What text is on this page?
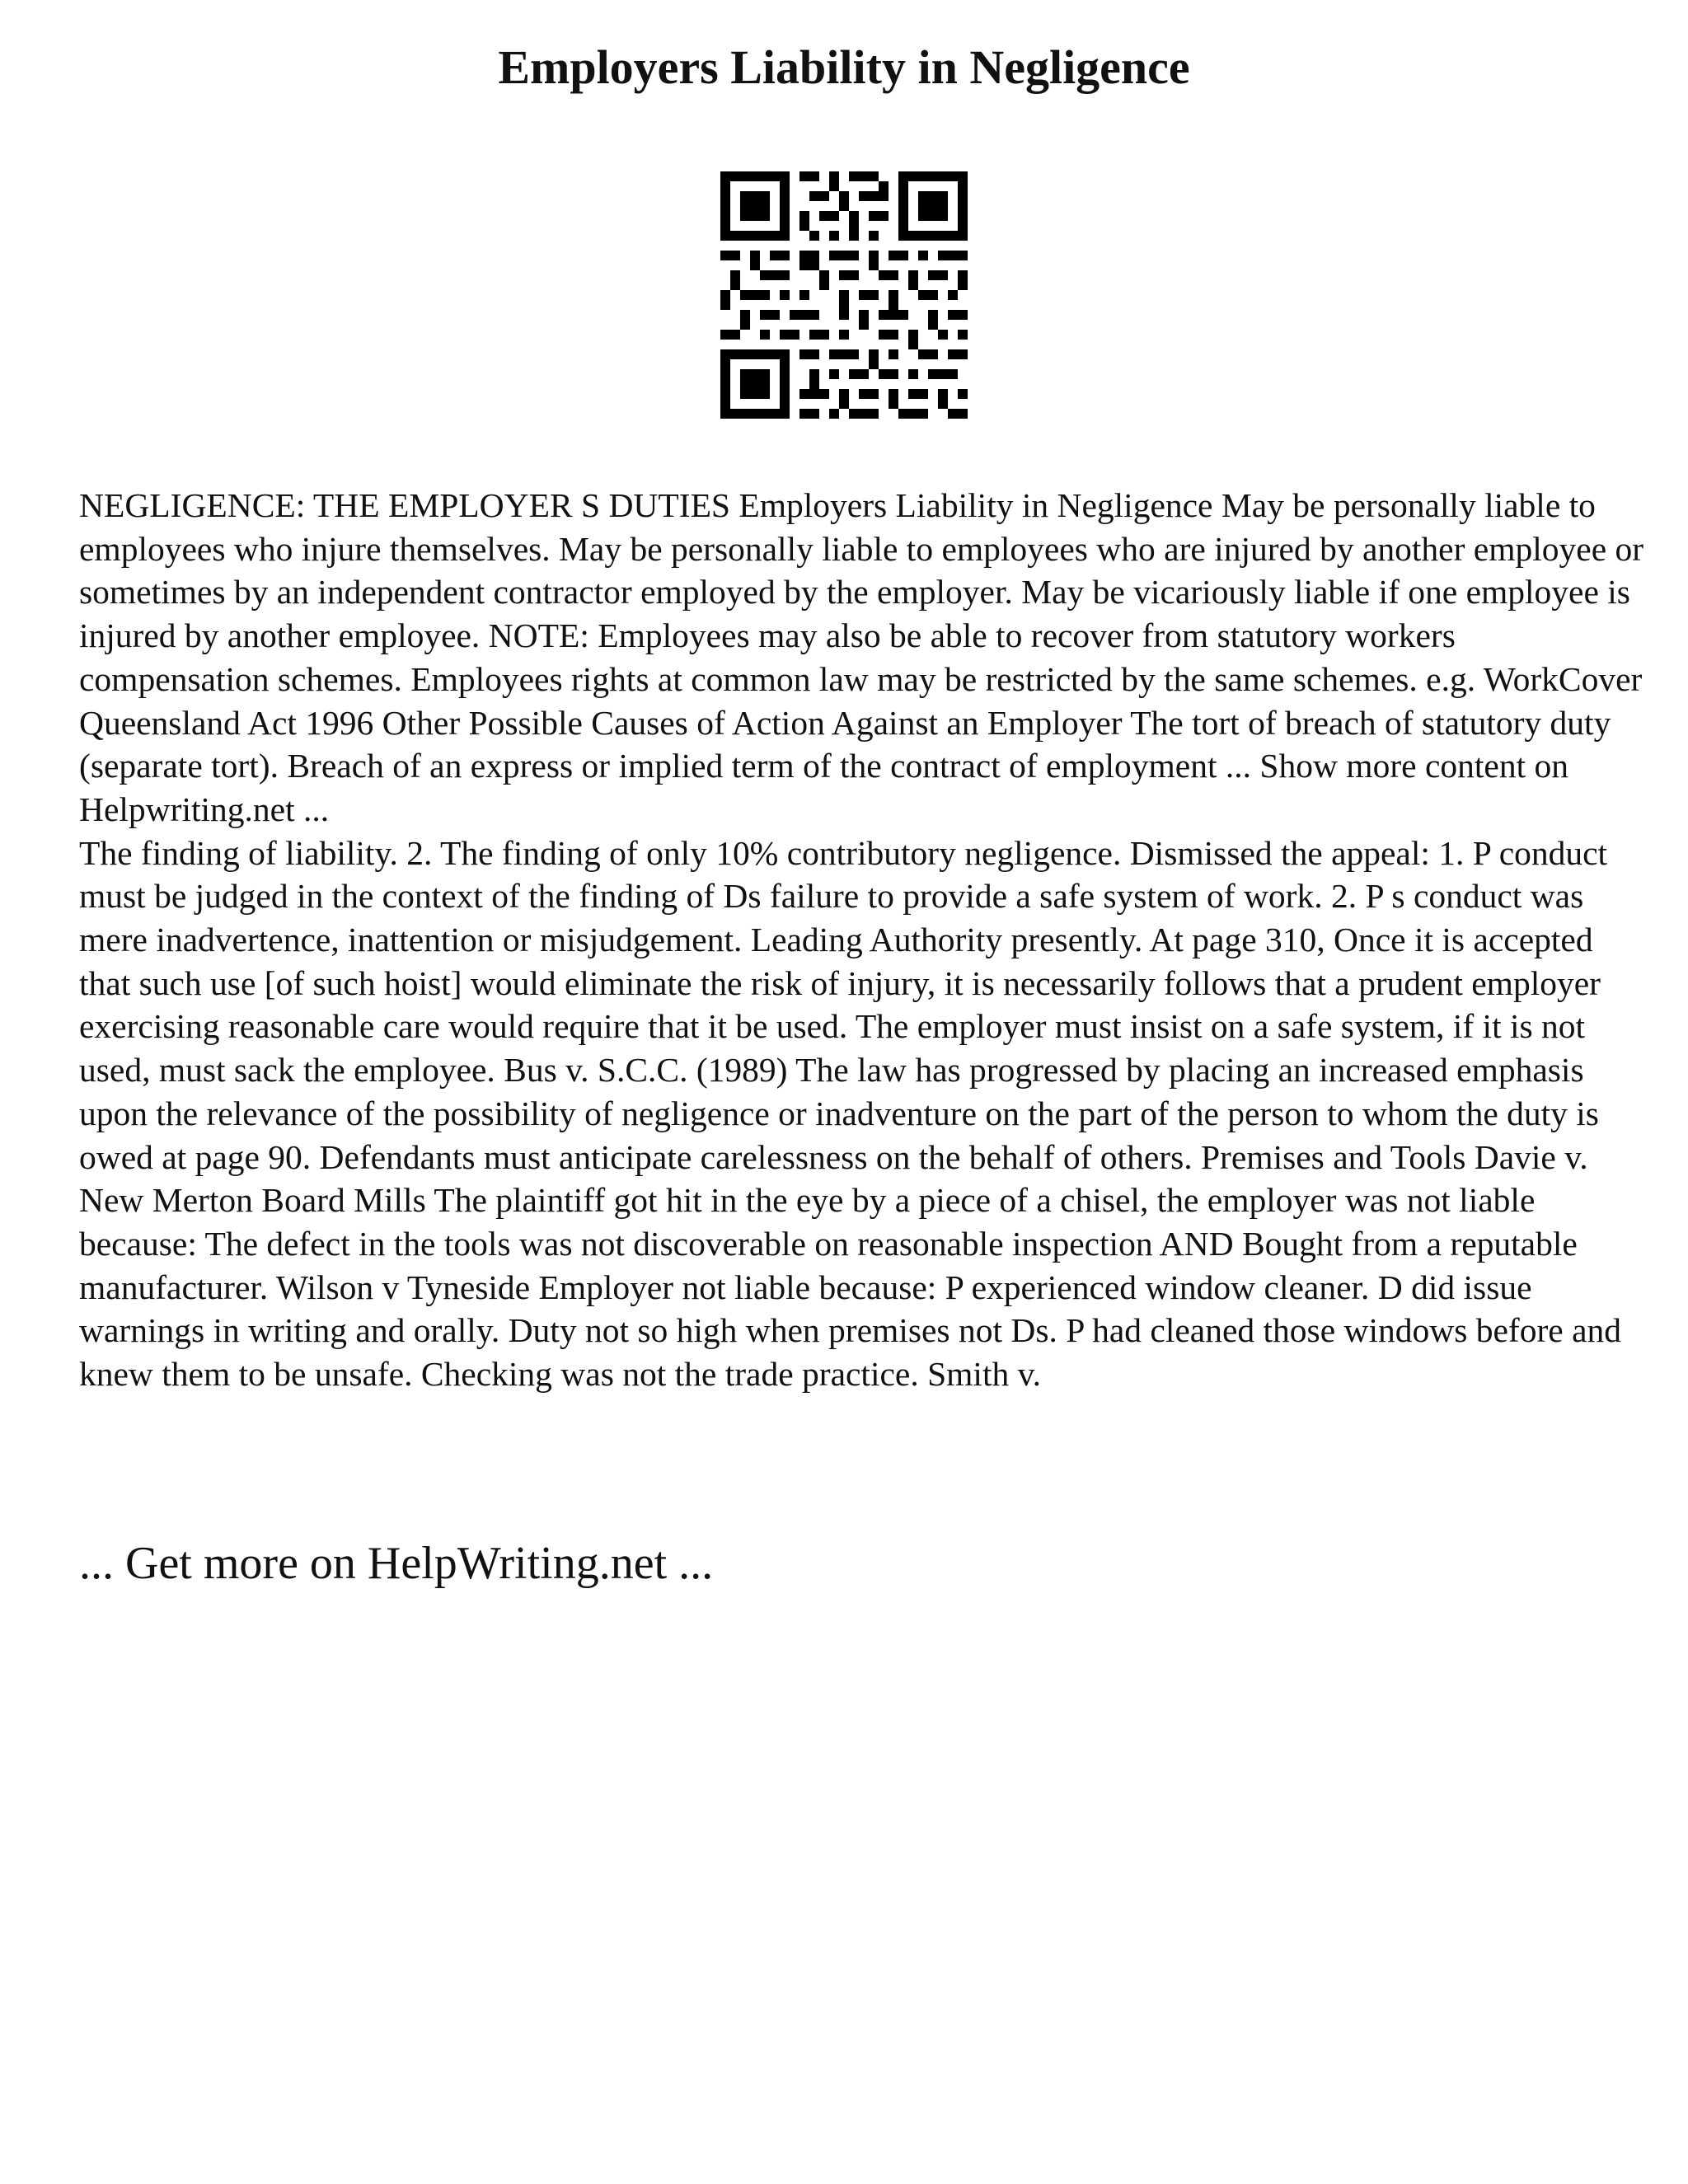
Employers Liability in Negligence

NEGLIGENCE: THE EMPLOYER S DUTIES Employers Liability in Negligence May be personally liable to employees who injure themselves. May be personally liable to employees who are injured by another employee or sometimes by an independent contractor employed by the employer. May be vicariously liable if one employee is injured by another employee. NOTE: Employees may also be able to recover from statutory workers compensation schemes. Employees rights at common law may be restricted by the same schemes. e.g. WorkCover Queensland Act 1996 Other Possible Causes of Action Against an Employer The tort of breach of statutory duty (separate tort). Breach of an express or implied term of the contract of employment ... Show more content on Helpwriting.net ...

The finding of liability. 2. The finding of only 10% contributory negligence. Dismissed the appeal: 1. P conduct must be judged in the context of the finding of Ds failure to provide a safe system of work. 2. P s conduct was mere inadvertence, inattention or misjudgement. Leading Authority presently. At page 310, Once it is accepted that such use [of such hoist] would eliminate the risk of injury, it is necessarily follows that a prudent employer exercising reasonable care would require that it be used. The employer must insist on a safe system, if it is not used, must sack the employee. Bus v. S.C.C. (1989) The law has progressed by placing an increased emphasis upon the relevance of the possibility of negligence or inadventure on the part of the person to whom the duty is owed at page 90. Defendants must anticipate carelessness on the behalf of others. Premises and Tools Davie v. New Merton Board Mills The plaintiff got hit in the eye by a piece of a chisel, the employer was not liable because: The defect in the tools was not discoverable on reasonable inspection AND Bought from a reputable manufacturer. Wilson v Tyneside Employer not liable because: P experienced window cleaner. D did issue warnings in writing and orally. Duty not so high when premises not Ds. P had cleaned those windows before and knew them to be unsafe. Checking was not the trade practice. Smith v.

... Get more on HelpWriting.net ...
